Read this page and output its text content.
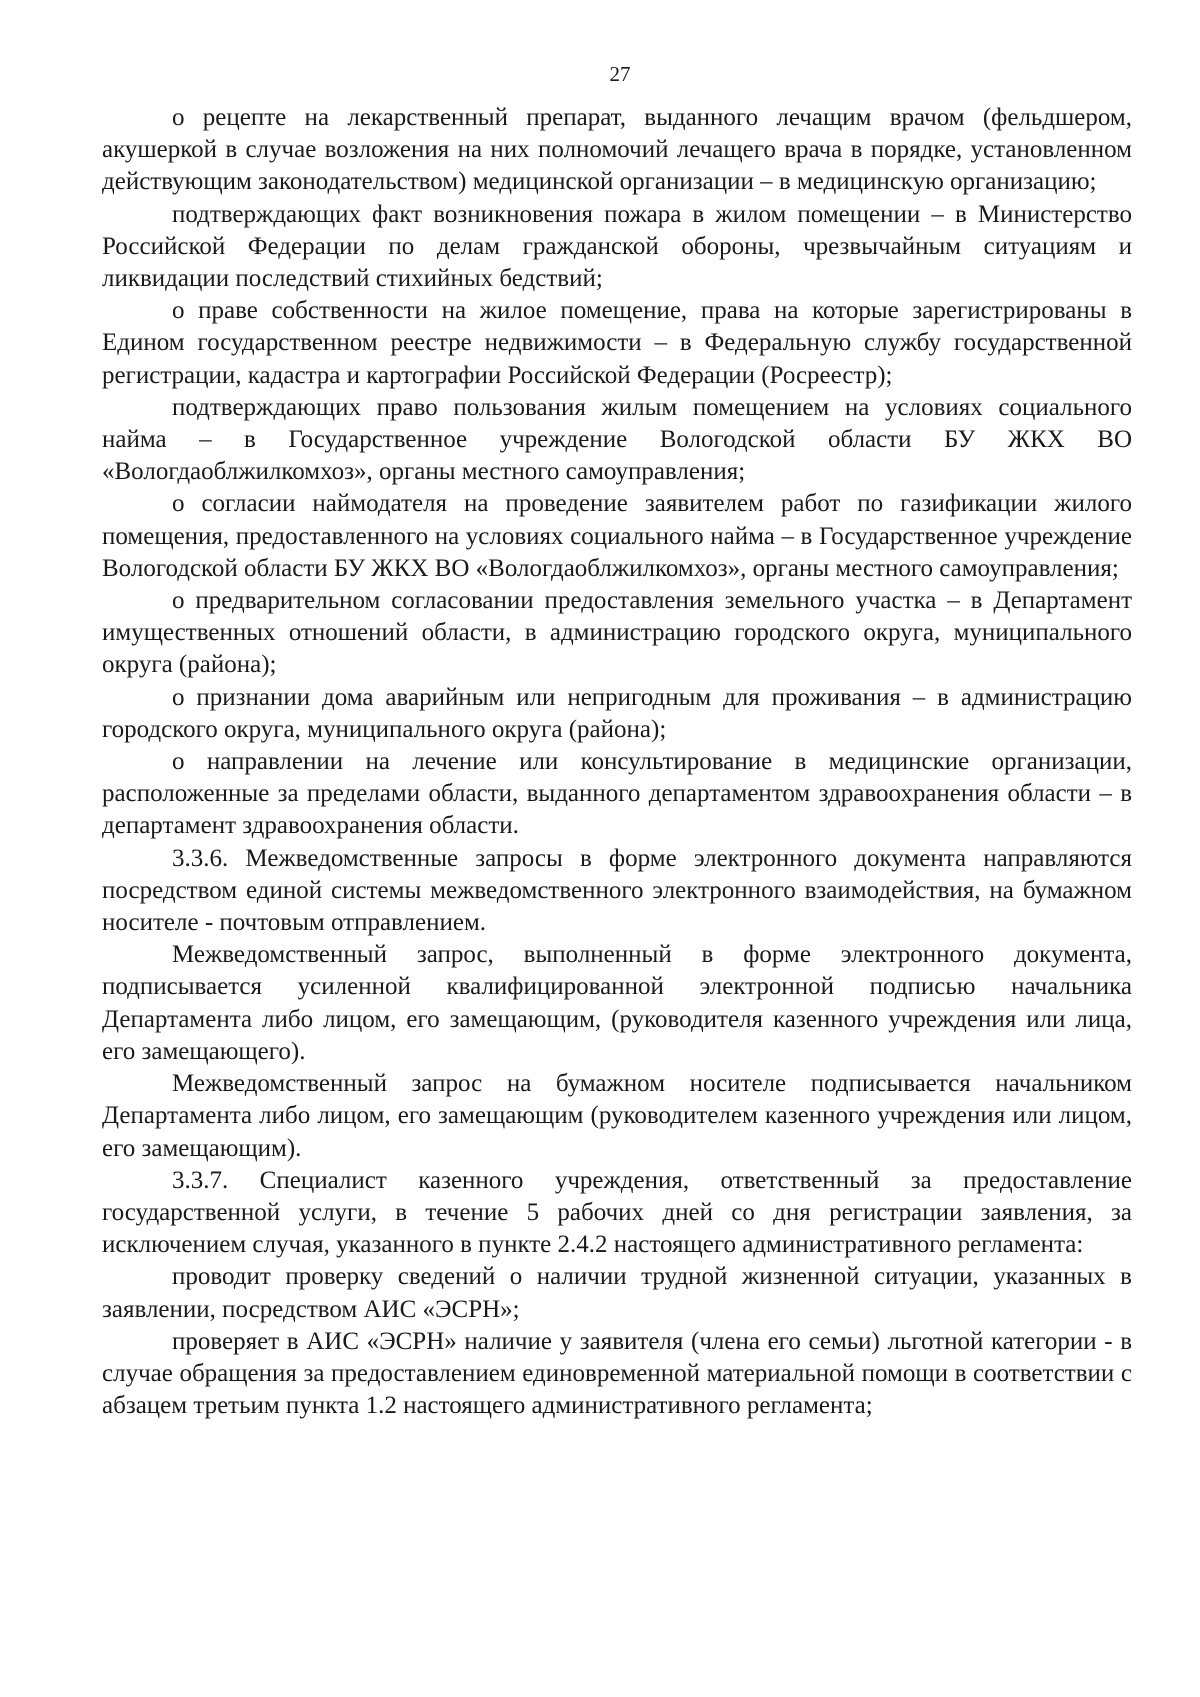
27

о рецепте на лекарственный препарат, выданного лечащим врачом (фельдшером, акушеркой в случае возложения на них полномочий лечащего врача в порядке, установленном действующим законодательством) медицинской организации – в медицинскую организацию;

подтверждающих факт возникновения пожара в жилом помещении – в Министерство Российской Федерации по делам гражданской обороны, чрезвычайным ситуациям и ликвидации последствий стихийных бедствий;

о праве собственности на жилое помещение, права на которые зарегистрированы в Едином государственном реестре недвижимости – в Федеральную службу государственной регистрации, кадастра и картографии Российской Федерации (Росреестр);

подтверждающих право пользования жилым помещением на условиях социального найма – в Государственное учреждение Вологодской области БУ ЖКХ ВО «Вологдаоблжилкомхоз», органы местного самоуправления;

о согласии наймодателя на проведение заявителем работ по газификации жилого помещения, предоставленного на условиях социального найма – в Государственное учреждение Вологодской области БУ ЖКХ ВО «Вологдаоблжилкомхоз», органы местного самоуправления;

о предварительном согласовании предоставления земельного участка – в Департамент имущественных отношений области, в администрацию городского округа, муниципального округа (района);

о признании дома аварийным или непригодным для проживания – в администрацию городского округа, муниципального округа (района);

о направлении на лечение или консультирование в медицинские организации, расположенные за пределами области, выданного департаментом здравоохранения области – в департамент здравоохранения области.

3.3.6. Межведомственные запросы в форме электронного документа направляются посредством единой системы межведомственного электронного взаимодействия, на бумажном носителе - почтовым отправлением.

Межведомственный запрос, выполненный в форме электронного документа, подписывается усиленной квалифицированной электронной подписью начальника Департамента либо лицом, его замещающим, (руководителя казенного учреждения или лица, его замещающего).

Межведомственный запрос на бумажном носителе подписывается начальником Департамента либо лицом, его замещающим (руководителем казенного учреждения или лицом, его замещающим).

3.3.7. Специалист казенного учреждения, ответственный за предоставление государственной услуги, в течение 5 рабочих дней со дня регистрации заявления, за исключением случая, указанного в пункте 2.4.2 настоящего административного регламента:

проводит проверку сведений о наличии трудной жизненной ситуации, указанных в заявлении, посредством АИС «ЭСРН»;

проверяет в АИС «ЭСРН» наличие у заявителя (члена его семьи) льготной категории - в случае обращения за предоставлением единовременной материальной помощи в соответствии с абзацем третьим пункта 1.2 настоящего административного регламента;
